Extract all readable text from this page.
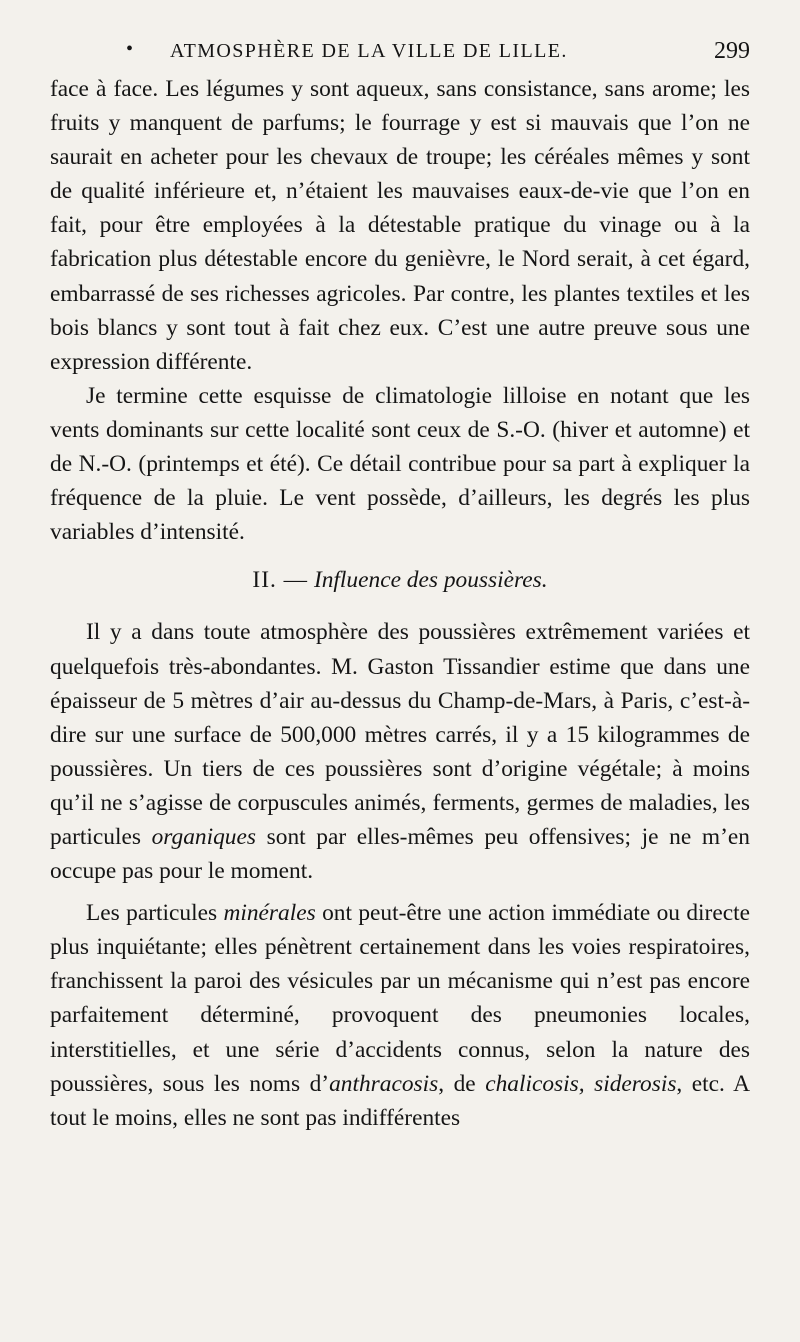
• ATMOSPHÈRE DE LA VILLE DE LILLE.	299

face à face. Les légumes y sont aqueux, sans consistance, sans arome; les fruits y manquent de parfums; le fourrage y est si mauvais que l’on ne saurait en acheter pour les chevaux de troupe; les céréales mêmes y sont de qualité inférieure et, n’étaient les mauvaises eaux-de-vie que l’on en fait, pour être employées à la détestable pratique du vinage ou à la fabrication plus détestable encore du genièvre, le Nord serait, à cet égard, embarrassé de ses richesses agricoles. Par contre, les plantes textiles et les bois blancs y sont tout à fait chez eux. C’est une autre preuve sous une expression différente.

Je termine cette esquisse de climatologie lilloise en notant que les vents dominants sur cette localité sont ceux de S.-O. (hiver et automne) et de N.-O. (printemps et été). Ce détail contribue pour sa part à expliquer la fréquence de la pluie. Le vent possède, d’ailleurs, les degrés les plus variables d’intensité.

II. — Influence des poussières.

Il y a dans toute atmosphère des poussières extrêmement variées et quelquefois très-abondantes. M. Gaston Tissandier estime que dans une épaisseur de 5 mètres d’air au-dessus du Champ-de-Mars, à Paris, c’est-à-dire sur une surface de 500,000 mètres carrés, il y a 15 kilogrammes de poussières. Un tiers de ces poussières sont d’origine végétale; à moins qu’il ne s’agisse de corpuscules animés, ferments, germes de maladies, les particules organiques sont par elles-mêmes peu offensives; je ne m’en occupe pas pour le moment.

Les particules minérales ont peut-être une action immédiate ou directe plus inquiétante; elles pénètrent certainement dans les voies respiratoires, franchissent la paroi des vésicules par un mécanisme qui n’est pas encore parfaitement déterminé, provoquent des pneumonies locales, interstitielles, et une série d’accidents connus, selon la nature des poussières, sous les noms d’anthracosis, de chalicosis, siderosis, etc. A tout le moins, elles ne sont pas indifférentes
